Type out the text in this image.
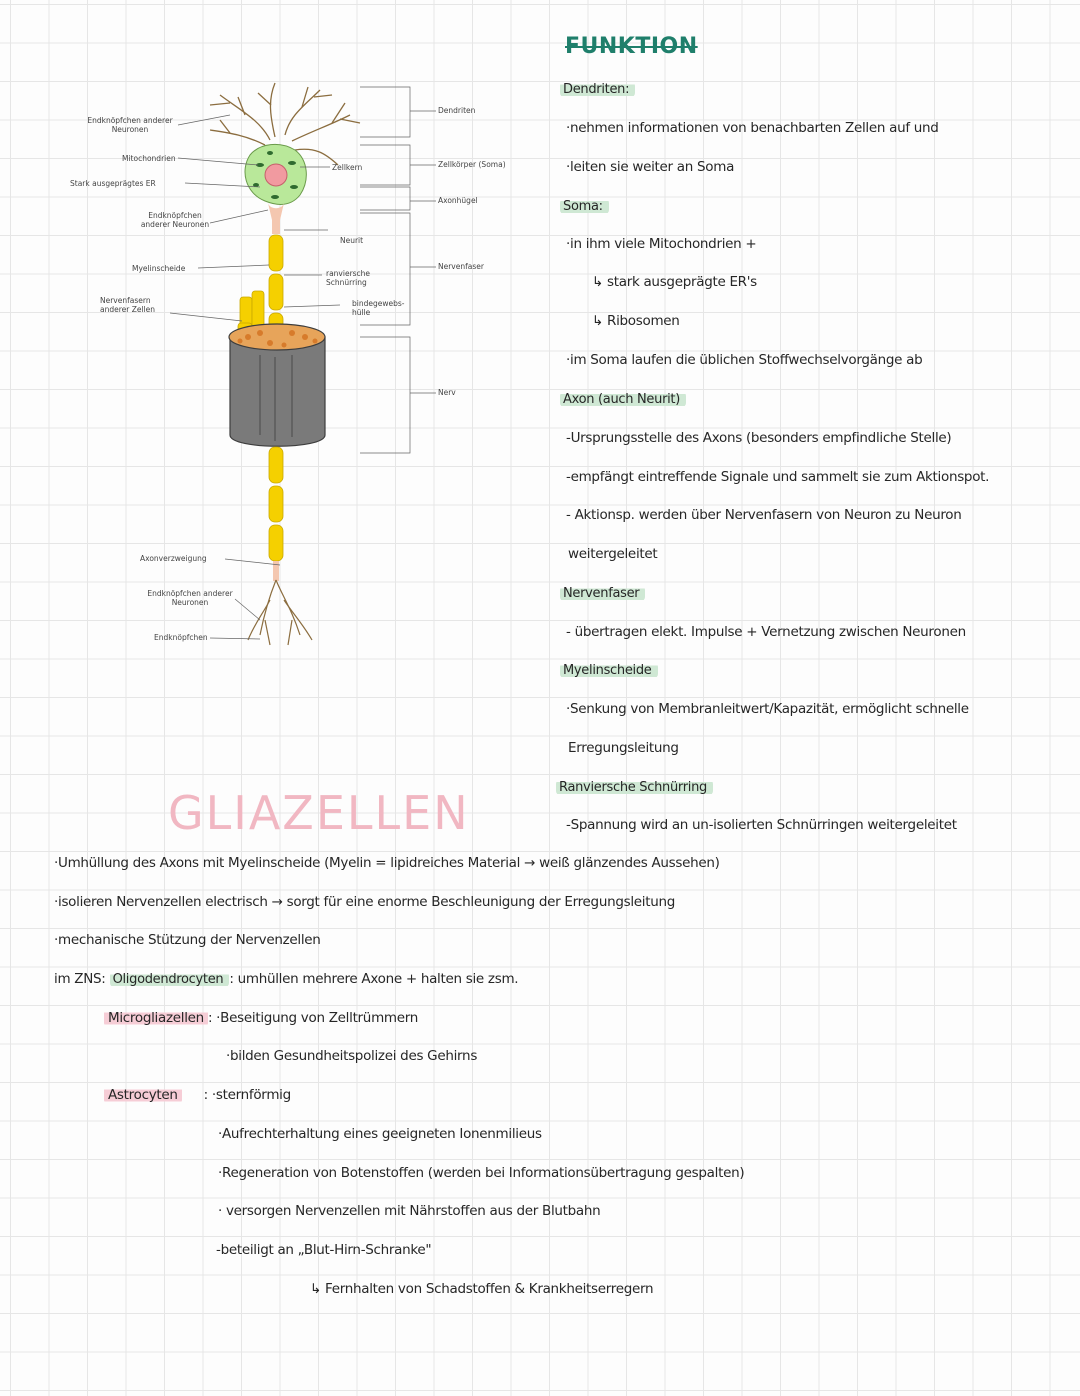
Endknöpfchen anderer Neuronen
Mitochondrien
Stark ausgeprägtes ER
Endknöpfchen anderer Neuronen
Myelinscheide
Nervenfasern anderer Zellen
Axonverzweigung
Endknöpfchen anderer Neuronen
Endknöpfchen
Zellkern
Neurit
ranviersche Schnürring
bindegewebs-hülle
Dendriten
Zellkörper (Soma)
Axonhügel
Nervenfaser
Nerv
FUNKTION
Dendriten:
·nehmen informationen von benachbarten Zellen auf und
·leiten sie weiter an Soma
Soma:
·in ihm viele Mitochondrien +
↳ stark ausgeprägte ER's
↳ Ribosomen
·im Soma laufen die üblichen Stoffwechselvorgänge ab
Axon (auch Neurit)
-Ursprungsstelle des Axons (besonders empfindliche Stelle)
-empfängt eintreffende Signale und sammelt sie zum Aktionspot.
- Aktionsp. werden über Nervenfasern von Neuron zu Neuron
weitergeleitet
Nervenfaser
- übertragen elekt. Impulse + Vernetzung zwischen Neuronen
Myelinscheide
·Senkung von Membranleitwert/Kapazität, ermöglicht schnelle
Erregungsleitung
Ranviersche Schnürring
-Spannung wird an un-isolierten Schnürringen weitergeleitet
GLIAZELLEN
·Umhüllung des Axons mit Myelinscheide (Myelin = lipidreiches Material → weiß glänzendes Aussehen)
·isolieren Nervenzellen electrisch → sorgt für eine enorme Beschleunigung der Erregungsleitung
·mechanische Stützung der Nervenzellen
im ZNS: Oligodendrocyten : umhüllen mehrere Axone + halten sie zsm.
Microgliazellen : ·Beseitigung von Zelltrümmern
·bilden Gesundheitspolizei des Gehirns
Astrocyten : ·sternförmig
·Aufrechterhaltung eines geeigneten Ionenmilieus
·Regeneration von Botenstoffen (werden bei Informationsübertragung gespalten)
· versorgen Nervenzellen mit Nährstoffen aus der Blutbahn
-beteiligt an „Blut-Hirn-Schranke"
↳ Fernhalten von Schadstoffen & Krankheitserregern
